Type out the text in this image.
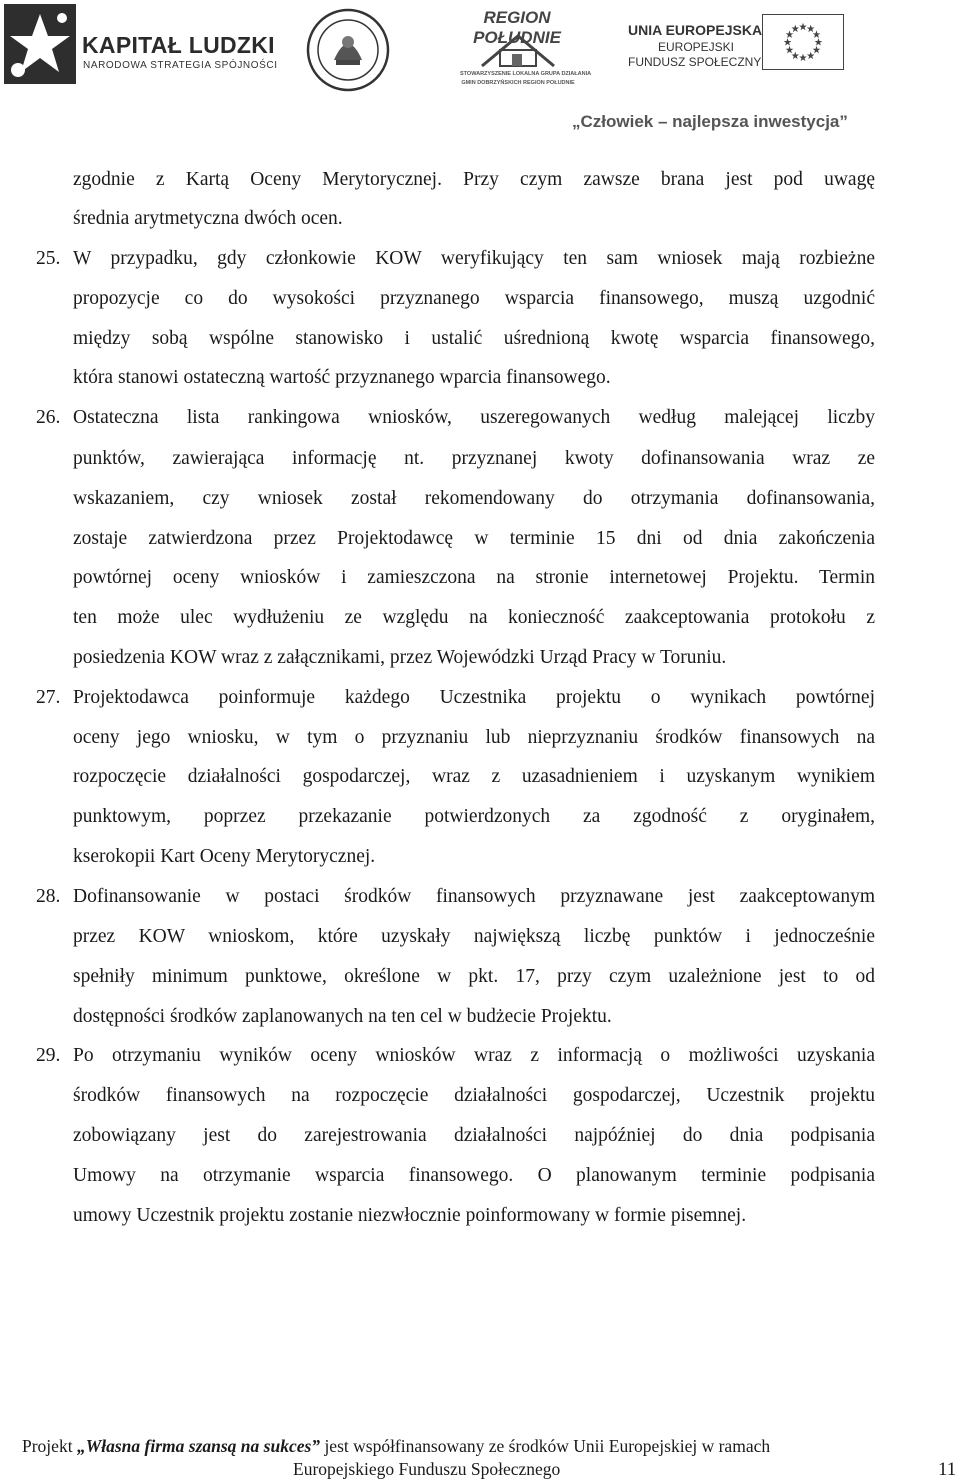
KAPITAŁ LUDZKI
NARODOWA STRATEGIA SPÓJNOŚCI
REGION POŁUDNIE
STOWARZYSZENIE LOKALNA GRUPA DZIAŁANIA
GMIN DOBRZYŃSKICH REGION POŁUDNIE
UNIA EUROPEJSKA
EUROPEJSKI
FUNDUSZ SPOŁECZNY
„Człowiek – najlepsza inwestycja”
zgodnie z Kartą Oceny Merytorycznej. Przy czym zawsze brana jest pod uwagę
średnia arytmetyczna dwóch ocen.
25. W przypadku, gdy członkowie KOW weryfikujący ten sam wniosek mają rozbieżne
propozycje co do wysokości przyznanego wsparcia finansowego, muszą uzgodnić
między sobą wspólne stanowisko i ustalić uśrednioną kwotę wsparcia finansowego,
która stanowi ostateczną wartość przyznanego wparcia finansowego.
26. Ostateczna lista rankingowa wniosków, uszeregowanych według malejącej liczby
punktów, zawierająca informację nt. przyznanej kwoty dofinansowania wraz ze
wskazaniem, czy wniosek został rekomendowany do otrzymania dofinansowania,
zostaje zatwierdzona przez Projektodawcę w terminie 15 dni od dnia zakończenia
powtórnej oceny wniosków i zamieszczona na stronie internetowej Projektu. Termin
ten może ulec wydłużeniu ze względu na konieczność zaakceptowania protokołu z
posiedzenia KOW wraz z załącznikami, przez Wojewódzki Urząd Pracy w Toruniu.
27. Projektodawca poinformuje każdego Uczestnika projektu o wynikach powtórnej
oceny jego wniosku, w tym o przyznaniu lub nieprzyznaniu środków finansowych na
rozpoczęcie działalności gospodarczej, wraz z uzasadnieniem i uzyskanym wynikiem
punktowym, poprzez przekazanie potwierdzonych za zgodność z oryginałem,
kserokopii Kart Oceny Merytorycznej.
28. Dofinansowanie w postaci środków finansowych przyznawane jest zaakceptowanym
przez KOW wnioskom, które uzyskały największą liczbę punktów i jednocześnie
spełniły minimum punktowe, określone w pkt. 17, przy czym uzależnione jest to od
dostępności środków zaplanowanych na ten cel w budżecie Projektu.
29. Po otrzymaniu wyników oceny wniosków wraz z informacją o możliwości uzyskania
środków finansowych na rozpoczęcie działalności gospodarczej, Uczestnik projektu
zobowiązany jest do zarejestrowania działalności najpóźniej do dnia podpisania
Umowy na otrzymanie wsparcia finansowego. O planowanym terminie podpisania
umowy Uczestnik projektu zostanie niezwłocznie poinformowany w formie pisemnej.
Projekt „Własna firma szansą na sukces” jest współfinansowany ze środków Unii Europejskiej w ramach
Europejskiego Funduszu Społecznego	11
